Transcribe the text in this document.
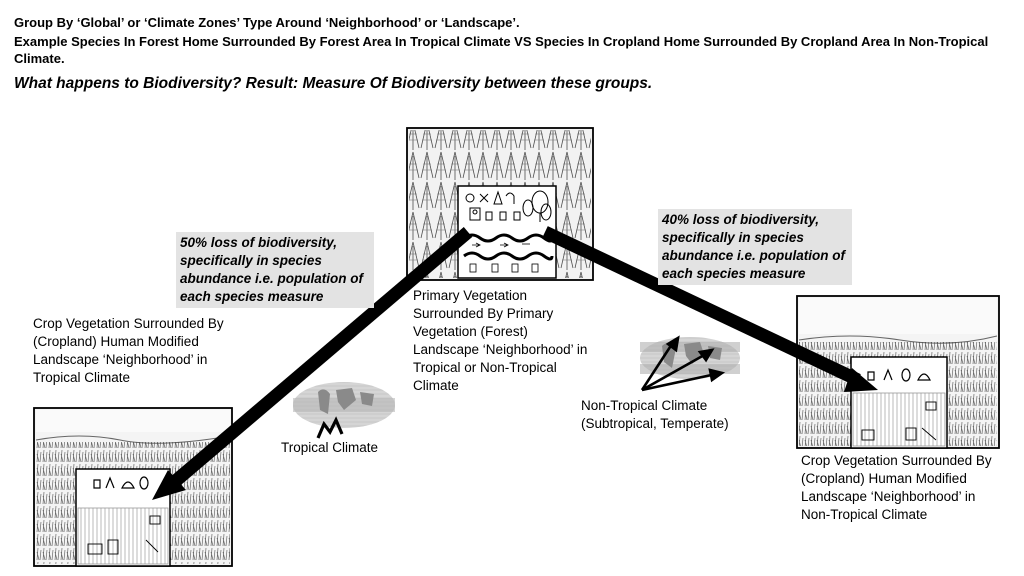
Group By ‘Global’ or ‘Climate Zones’ Type Around ‘Neighborhood’ or ‘Landscape’.

Example Species In Forest Home Surrounded By Forest Area In Tropical Climate VS Species In Cropland Home Surrounded By Cropland Area In Non-Tropical Climate.

What happens to Biodiversity? Result: Measure Of Biodiversity between these groups.

50% loss of biodiversity, specifically in species abundance i.e. population of each species measure

40% loss of biodiversity, specifically in species abundance i.e. population of each species measure

Primary Vegetation Surrounded By Primary Vegetation (Forest) Landscape ‘Neighborhood’ in Tropical or Non-Tropical Climate

Crop Vegetation Surrounded By (Cropland) Human Modified Landscape ‘Neighborhood’ in Tropical Climate

Crop Vegetation Surrounded By (Cropland) Human Modified Landscape ‘Neighborhood’ in Non-Tropical Climate

Tropical Climate

Non-Tropical Climate (Subtropical, Temperate)
